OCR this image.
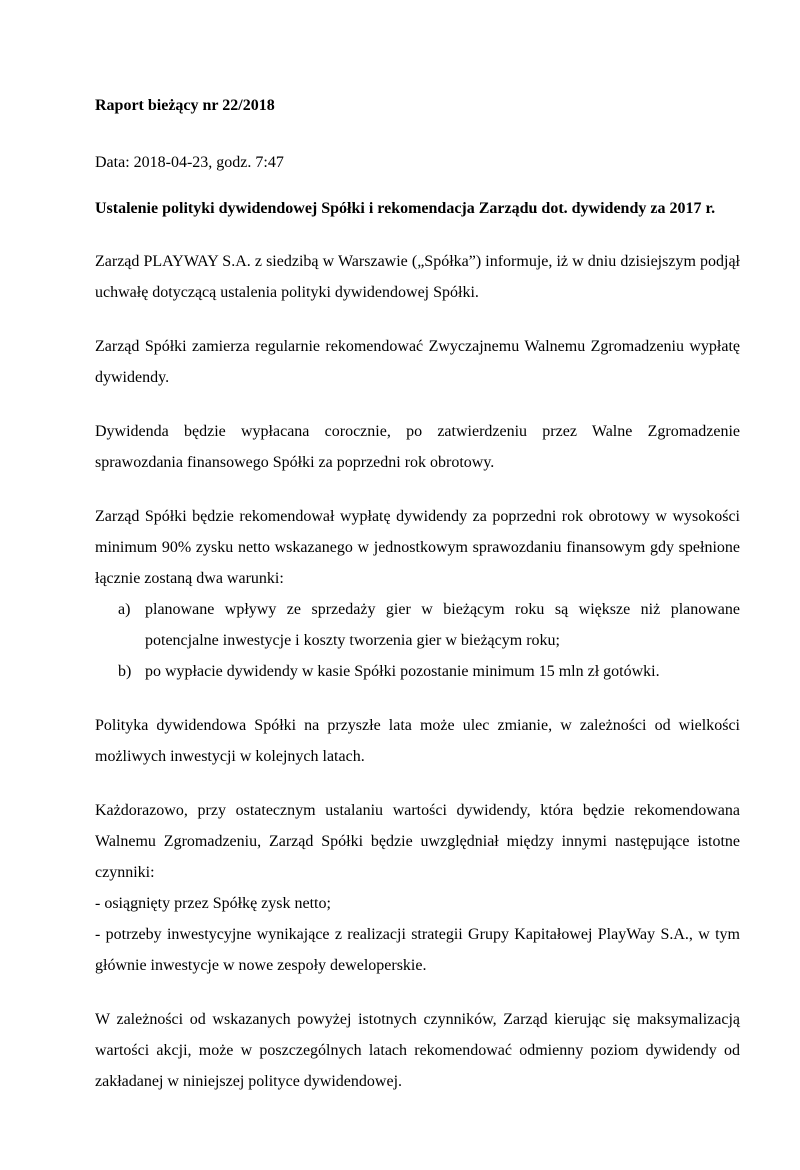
Raport bieżący nr 22/2018

Data: 2018-04-23, godz. 7:47

Ustalenie polityki dywidendowej Spółki i rekomendacja Zarządu dot. dywidendy za 2017 r.

Zarząd PLAYWAY S.A. z siedzibą w Warszawie („Spółka”) informuje, iż w dniu dzisiejszym podjął uchwałę dotyczącą ustalenia polityki dywidendowej Spółki.

Zarząd Spółki zamierza regularnie rekomendować Zwyczajnemu Walnemu Zgromadzeniu wypłatę dywidendy.

Dywidenda będzie wypłacana corocznie, po zatwierdzeniu przez Walne Zgromadzenie sprawozdania finansowego Spółki za poprzedni rok obrotowy.

Zarząd Spółki będzie rekomendował wypłatę dywidendy za poprzedni rok obrotowy w wysokości minimum 90% zysku netto wskazanego w jednostkowym sprawozdaniu finansowym gdy spełnione łącznie zostaną dwa warunki:

a) planowane wpływy ze sprzedaży gier w bieżącym roku są większe niż planowane potencjalne inwestycje i koszty tworzenia gier w bieżącym roku;
b) po wypłacie dywidendy w kasie Spółki pozostanie minimum 15 mln zł gotówki.

Polityka dywidendowa Spółki na przyszłe lata może ulec zmianie, w zależności od wielkości możliwych inwestycji w kolejnych latach.

Każdorazowo, przy ostatecznym ustalaniu wartości dywidendy, która będzie rekomendowana Walnemu Zgromadzeniu, Zarząd Spółki będzie uwzględniał między innymi następujące istotne czynniki:

- osiągnięty przez Spółkę zysk netto;

- potrzeby inwestycyjne wynikające z realizacji strategii Grupy Kapitałowej PlayWay S.A., w tym głównie inwestycje w nowe zespoły deweloperskie.

W zależności od wskazanych powyżej istotnych czynników, Zarząd kierując się maksymalizacją wartości akcji, może w poszczególnych latach rekomendować odmienny poziom dywidendy od zakładanej w niniejszej polityce dywidendowej.
